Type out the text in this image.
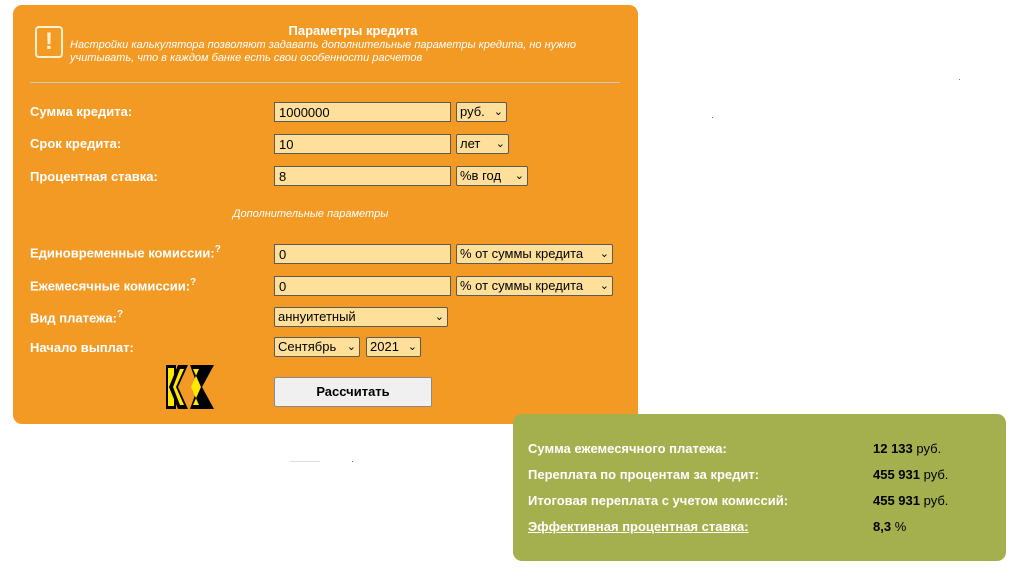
!	Параметры кредита
Настройки калькулятора позволяют задавать дополнительные параметры кредита, но нужно учитывать, что в каждом банке есть свои особенности расчетов
Сумма кредита:
1000000	руб. ⌄
Срок кредита:
10	лет ⌄
Процентная ставка:
8	%в год ⌄
Дополнительные параметры
Единовременные комиссии:?
0	% от суммы кредита ⌄
Ежемесячные комиссии:?
0	% от суммы кредита ⌄
Вид платежа:?	аннуитетный	⌄
Начало выплат:	Сентябрь ⌄	2021 ⌄
Рассчитать
Сумма ежемесячного платежа:	12 133 руб.
Переплата по процентам за кредит:	455 931 руб.
Итоговая переплата с учетом комиссий:	455 931 руб.
Эффективная процентная ставка:	8,3 %
